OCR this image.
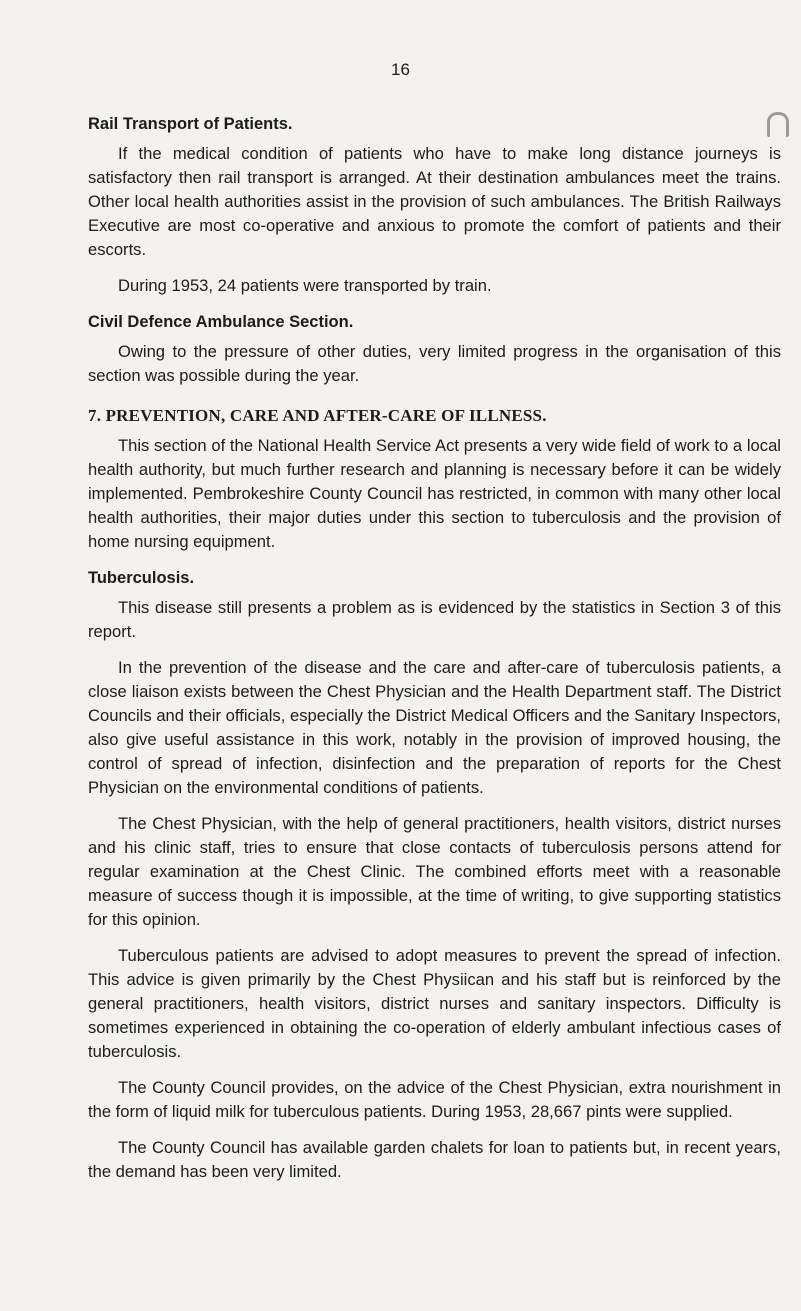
16
Rail Transport of Patients.

If the medical condition of patients who have to make long distance journeys is satisfactory then rail transport is arranged. At their destination ambulances meet the trains. Other local health authorities assist in the provision of such ambulances. The British Railways Executive are most co-operative and anxious to promote the comfort of patients and their escorts.

During 1953, 24 patients were transported by train.

Civil Defence Ambulance Section.

Owing to the pressure of other duties, very limited progress in the organisation of this section was possible during the year.

7. PREVENTION, CARE AND AFTER-CARE OF ILLNESS.

This section of the National Health Service Act presents a very wide field of work to a local health authority, but much further research and planning is necessary before it can be widely implemented. Pembrokeshire County Council has restricted, in common with many other local health authorities, their major duties under this section to tuberculosis and the provision of home nursing equipment.

Tuberculosis.

This disease still presents a problem as is evidenced by the statistics in Section 3 of this report.

In the prevention of the disease and the care and after-care of tuberculosis patients, a close liaison exists between the Chest Physician and the Health Department staff. The District Councils and their officials, especially the District Medical Officers and the Sanitary Inspectors, also give useful assistance in this work, notably in the provision of improved housing, the control of spread of infection, disinfection and the preparation of reports for the Chest Physician on the environmental conditions of patients.

The Chest Physician, with the help of general practitioners, health visitors, district nurses and his clinic staff, tries to ensure that close contacts of tuberculosis persons attend for regular examination at the Chest Clinic. The combined efforts meet with a reasonable measure of success though it is impossible, at the time of writing, to give supporting statistics for this opinion.

Tuberculous patients are advised to adopt measures to prevent the spread of infection. This advice is given primarily by the Chest Physiican and his staff but is reinforced by the general practitioners, health visitors, district nurses and sanitary inspectors. Difficulty is sometimes experienced in obtaining the co-operation of elderly ambulant infectious cases of tuberculosis.

The County Council provides, on the advice of the Chest Physician, extra nourishment in the form of liquid milk for tuberculous patients. During 1953, 28,667 pints were supplied.

The County Council has available garden chalets for loan to patients but, in recent years, the demand has been very limited.
